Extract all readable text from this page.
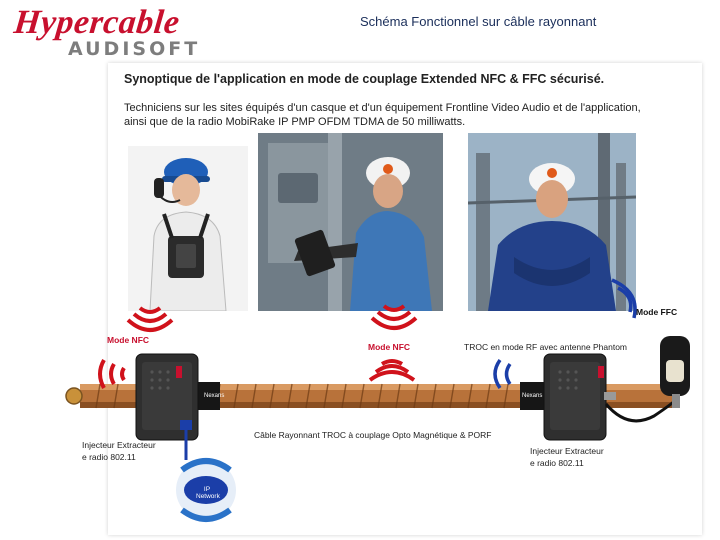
Hypercable
AUDISOFT
Schéma Fonctionnel sur câble rayonnant
Synoptique de l'application en mode de couplage Extended NFC & FFC sécurisé.
Techniciens sur les sites équipés d'un casque et d'un équipement Frontline Video Audio et de l'application, ainsi que de la radio MobiRake IP PMP OFDM TDMA de 50 milliwatts.
Mode NFC
Mode NFC
Mode FFC
TROC en mode RF avec antenne Phantom
Câble Rayonnant TROC à couplage Opto Magnétique & PORF
Injecteur Extracteur
e radio 802.11
Injecteur Extracteur
e radio 802.11
IP Network
Nexans	Nexans
